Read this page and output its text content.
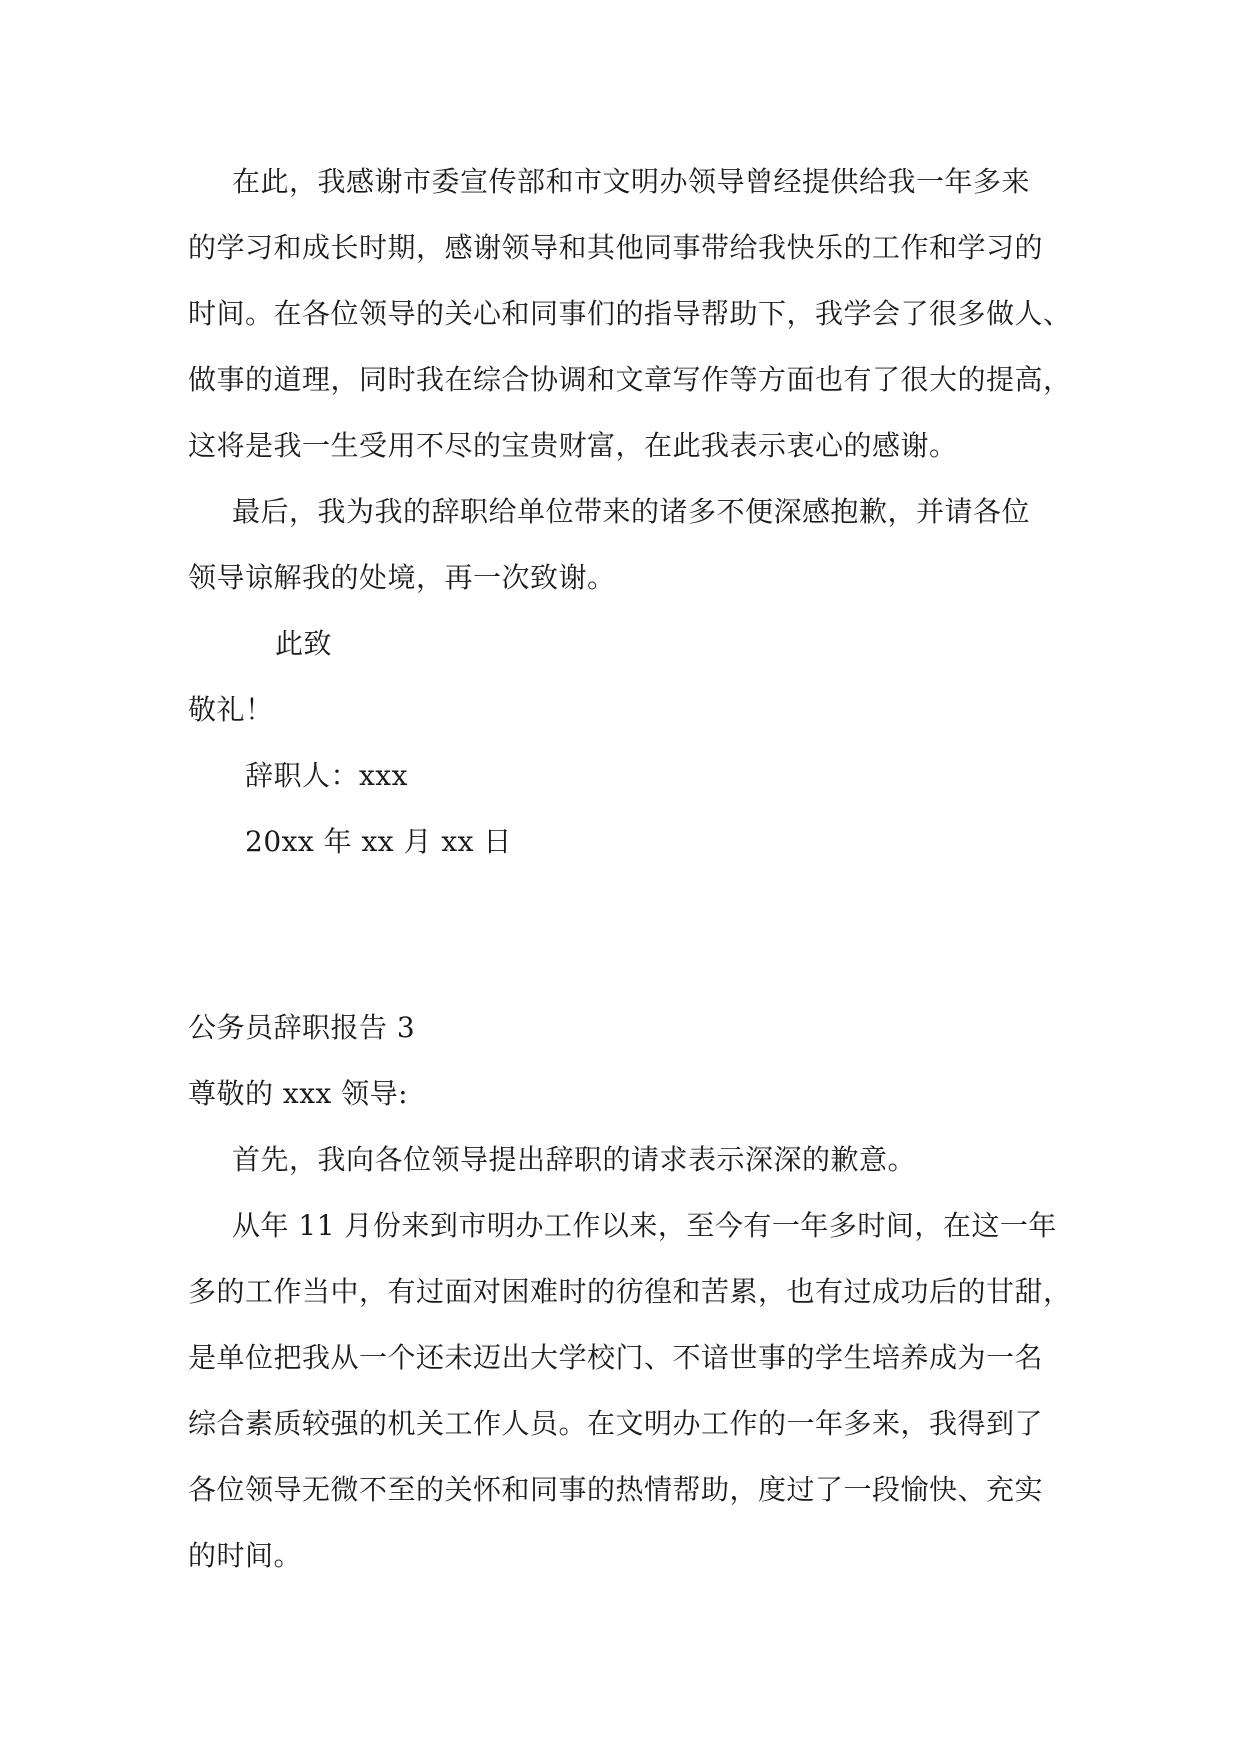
在此，我感谢市委宣传部和市文明办领导曾经提供给我一年多来
的学习和成长时期，感谢领导和其他同事带给我快乐的工作和学习的
时间。在各位领导的关心和同事们的指导帮助下，我学会了很多做人、
做事的道理，同时我在综合协调和文章写作等方面也有了很大的提高，
这将是我一生受用不尽的宝贵财富，在此我表示衷心的感谢。
最后，我为我的辞职给单位带来的诸多不便深感抱歉，并请各位
领导谅解我的处境，再一次致谢。
此致
敬礼！
辞职人：xxx
20xx 年 xx 月 xx 日
公务员辞职报告 3
尊敬的 xxx 领导:
首先，我向各位领导提出辞职的请求表示深深的歉意。
从年 11 月份来到市明办工作以来，至今有一年多时间，在这一年
多的工作当中，有过面对困难时的彷徨和苦累，也有过成功后的甘甜，
是单位把我从一个还未迈出大学校门、不谙世事的学生培养成为一名
综合素质较强的机关工作人员。在文明办工作的一年多来，我得到了
各位领导无微不至的关怀和同事的热情帮助，度过了一段愉快、充实
的时间。
